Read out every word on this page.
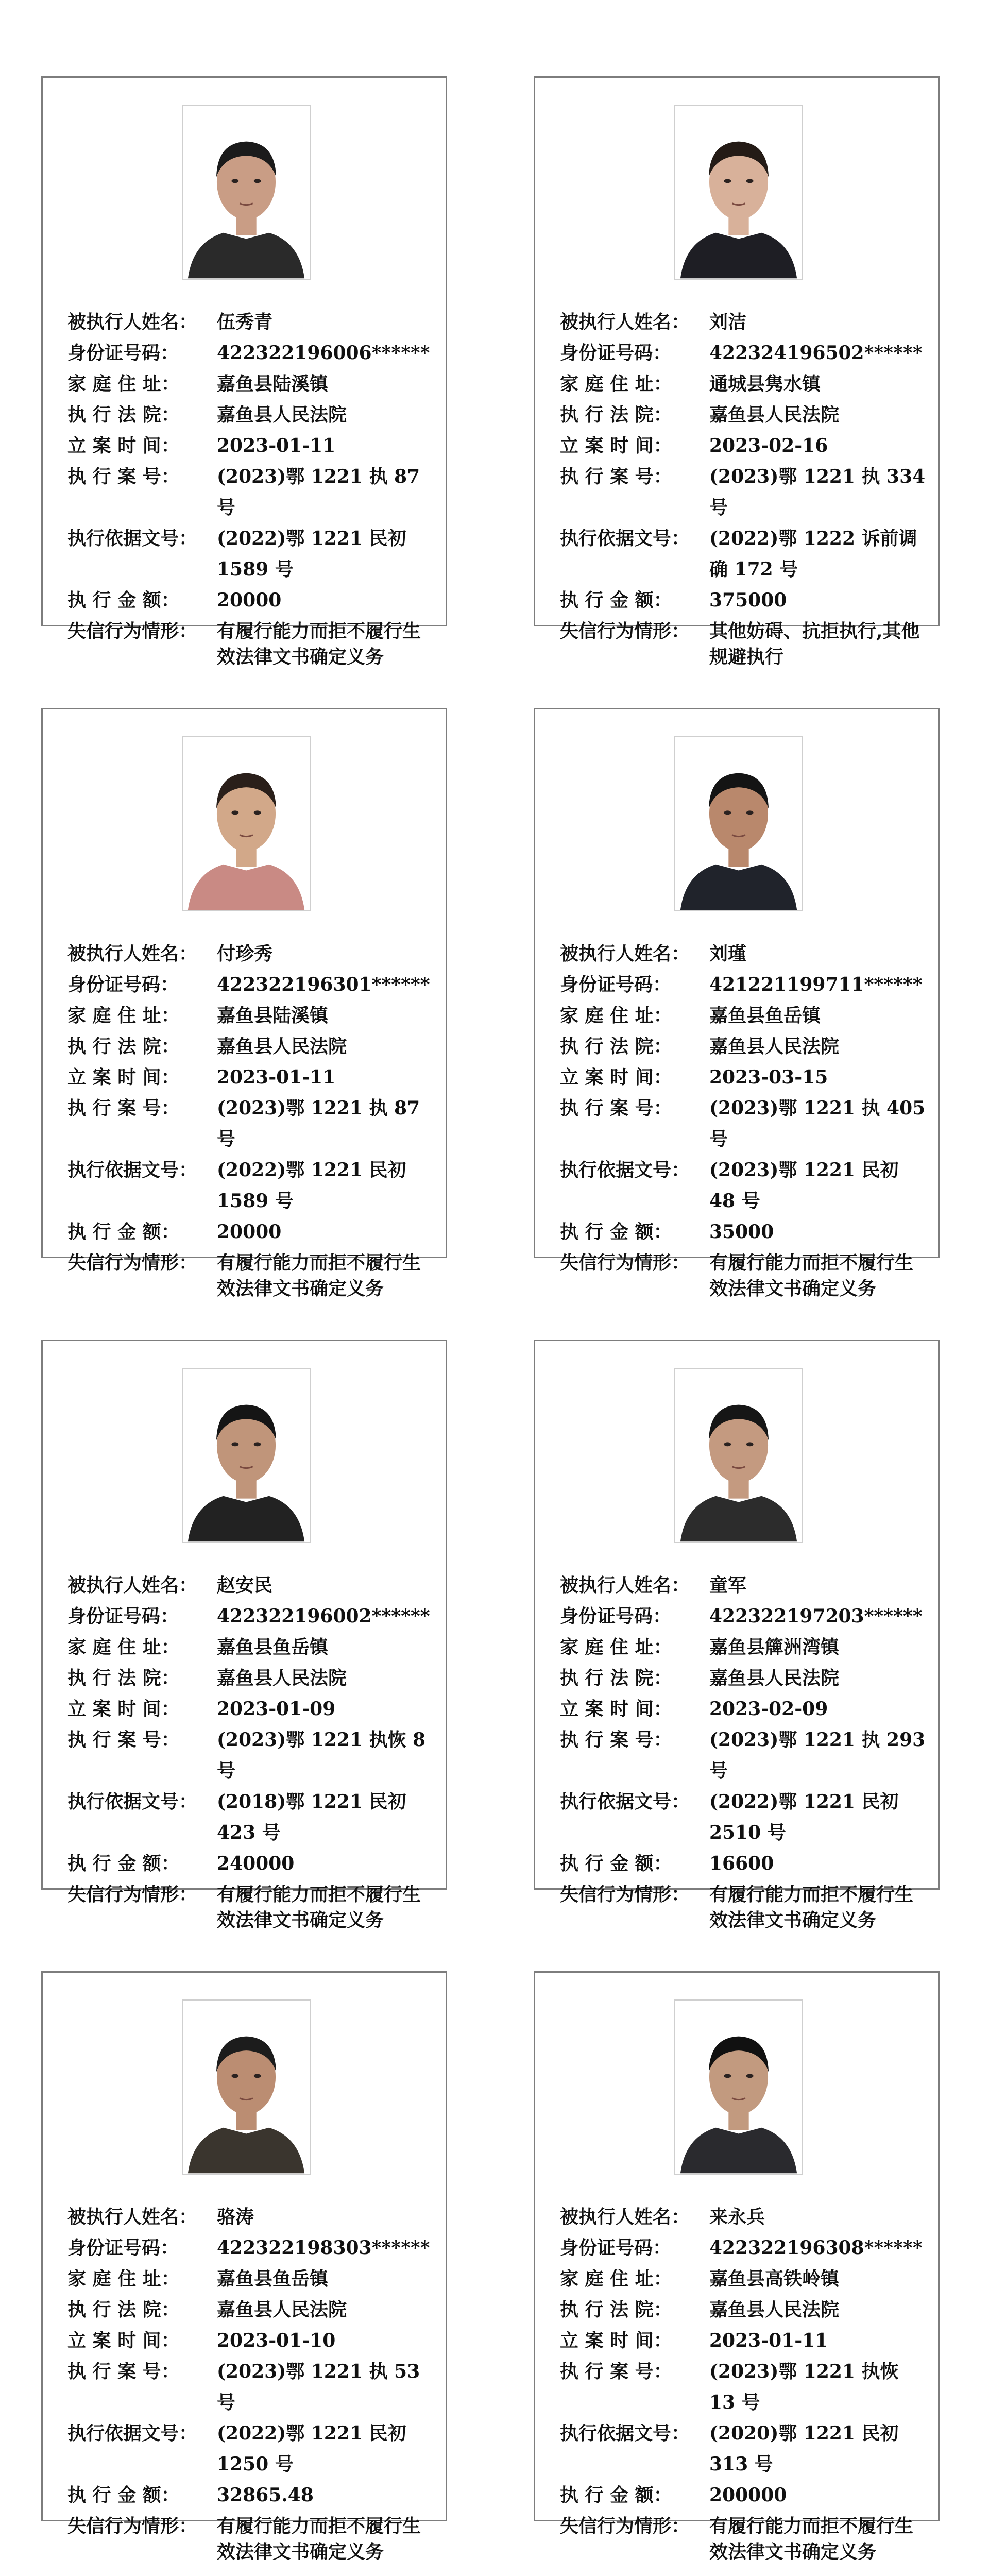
被执行人姓名：	伍秀青
身份证号码：	422322196006******
家 庭 住 址：	嘉鱼县陆溪镇
执 行 法 院：	嘉鱼县人民法院
立 案 时 间：	2023-01-11
执 行 案 号：	(2023)鄂 1221 执 87 号
执行依据文号：	(2022)鄂 1221 民初 1589 号
执 行 金 额：	20000
失信行为情形：	有履行能力而拒不履行生效法律文书确定义务
被执行人姓名：	刘洁
身份证号码：	422324196502******
家 庭 住 址：	通城县隽水镇
执 行 法 院：	嘉鱼县人民法院
立 案 时 间：	2023-02-16
执 行 案 号：	(2023)鄂 1221 执 334 号
执行依据文号：	(2022)鄂 1222 诉前调确 172 号
执 行 金 额：	375000
失信行为情形：	其他妨碍、抗拒执行,其他规避执行
被执行人姓名：	付珍秀
身份证号码：	422322196301******
家 庭 住 址：	嘉鱼县陆溪镇
执 行 法 院：	嘉鱼县人民法院
立 案 时 间：	2023-01-11
执 行 案 号：	(2023)鄂 1221 执 87 号
执行依据文号：	(2022)鄂 1221 民初 1589 号
执 行 金 额：	20000
失信行为情形：	有履行能力而拒不履行生效法律文书确定义务
被执行人姓名：	刘瑾
身份证号码：	421221199711******
家 庭 住 址：	嘉鱼县鱼岳镇
执 行 法 院：	嘉鱼县人民法院
立 案 时 间：	2023-03-15
执 行 案 号：	(2023)鄂 1221 执 405 号
执行依据文号：	(2023)鄂 1221 民初 48 号
执 行 金 额：	35000
失信行为情形：	有履行能力而拒不履行生效法律文书确定义务
被执行人姓名：	赵安民
身份证号码：	422322196002******
家 庭 住 址：	嘉鱼县鱼岳镇
执 行 法 院：	嘉鱼县人民法院
立 案 时 间：	2023-01-09
执 行 案 号：	(2023)鄂 1221 执恢 8 号
执行依据文号：	(2018)鄂 1221 民初 423 号
执 行 金 额：	240000
失信行为情形：	有履行能力而拒不履行生效法律文书确定义务
被执行人姓名：	童军
身份证号码：	422322197203******
家 庭 住 址：	嘉鱼县簰洲湾镇
执 行 法 院：	嘉鱼县人民法院
立 案 时 间：	2023-02-09
执 行 案 号：	(2023)鄂 1221 执 293 号
执行依据文号：	(2022)鄂 1221 民初 2510 号
执 行 金 额：	16600
失信行为情形：	有履行能力而拒不履行生效法律文书确定义务
被执行人姓名：	骆涛
身份证号码：	422322198303******
家 庭 住 址：	嘉鱼县鱼岳镇
执 行 法 院：	嘉鱼县人民法院
立 案 时 间：	2023-01-10
执 行 案 号：	(2023)鄂 1221 执 53 号
执行依据文号：	(2022)鄂 1221 民初 1250 号
执 行 金 额：	32865.48
失信行为情形：	有履行能力而拒不履行生效法律文书确定义务
被执行人姓名：	来永兵
身份证号码：	422322196308******
家 庭 住 址：	嘉鱼县高铁岭镇
执 行 法 院：	嘉鱼县人民法院
立 案 时 间：	2023-01-11
执 行 案 号：	(2023)鄂 1221 执恢 13 号
执行依据文号：	(2020)鄂 1221 民初 313 号
执 行 金 额：	200000
失信行为情形：	有履行能力而拒不履行生效法律文书确定义务
